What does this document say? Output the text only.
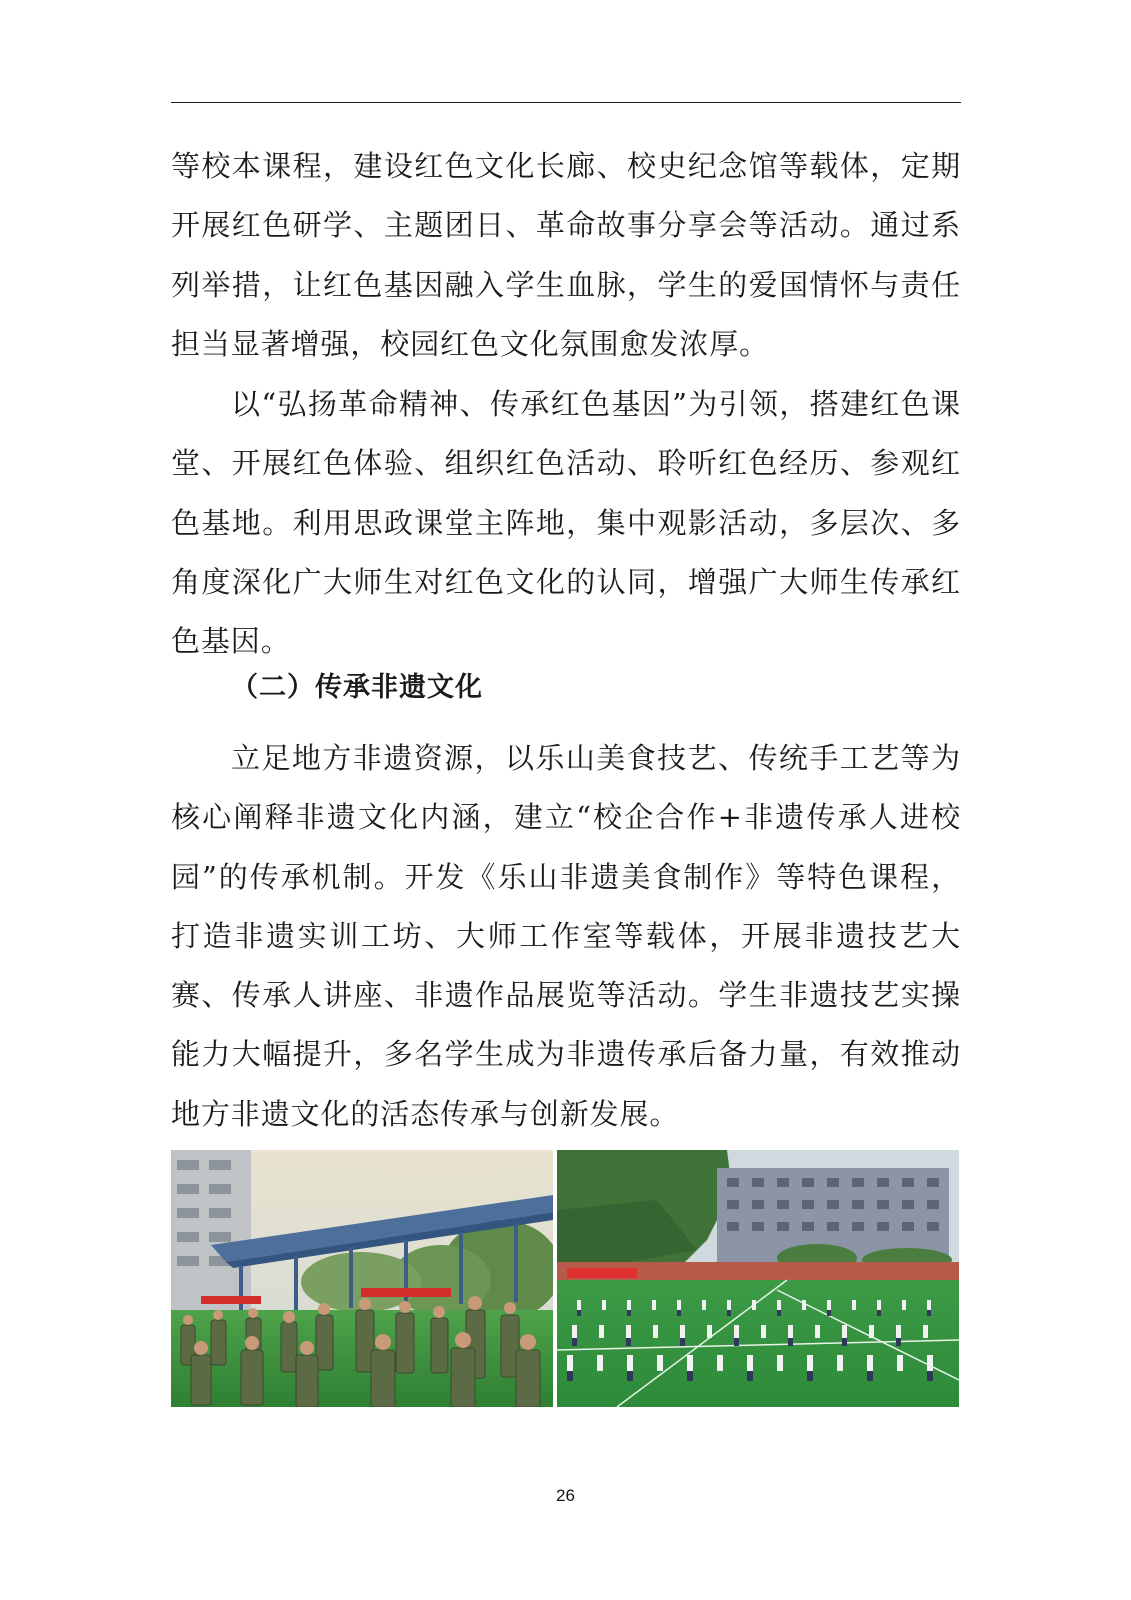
等校本课程，建设红色文化长廊、校史纪念馆等载体，定期开展红色研学、主题团日、革命故事分享会等活动。通过系列举措，让红色基因融入学生血脉，学生的爱国情怀与责任担当显著增强，校园红色文化氛围愈发浓厚。

以“弘扬革命精神、传承红色基因”为引领，搭建红色课堂、开展红色体验、组织红色活动、聆听红色经历、参观红色基地。利用思政课堂主阵地，集中观影活动，多层次、多角度深化广大师生对红色文化的认同，增强广大师生传承红色基因。

（二）传承非遗文化

立足地方非遗资源，以乐山美食技艺、传统手工艺等为核心阐释非遗文化内涵，建立“校企合作+非遗传承人进校园”的传承机制。开发《乐山非遗美食制作》等特色课程，打造非遗实训工坊、大师工作室等载体，开展非遗技艺大赛、传承人讲座、非遗作品展览等活动。学生非遗技艺实操能力大幅提升，多名学生成为非遗传承后备力量，有效推动地方非遗文化的活态传承与创新发展。

26
